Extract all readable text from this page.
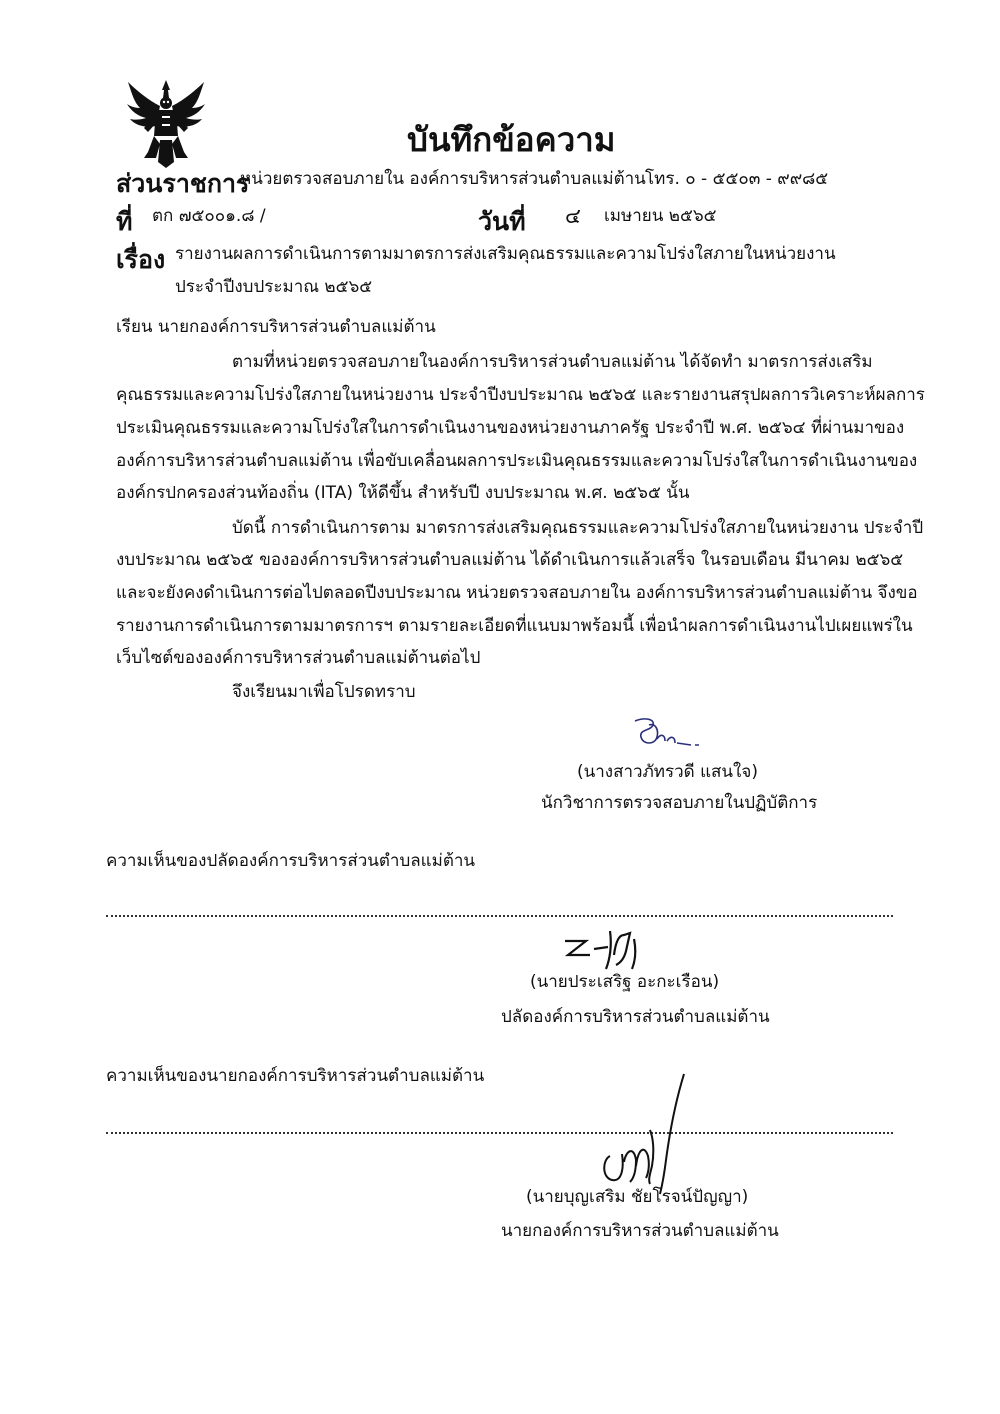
บันทึกข้อความ
ส่วนราชการ
หน่วยตรวจสอบภายใน องค์การบริหารส่วนตำบลแม่ต้าน โทร. ๐ - ๕๕๐๓ - ๙๙๘๕
ที่ ตก ๗๕๐๐๑.๘ /	วันที่ ๔ เมษายน ๒๕๖๕
เรื่อง รายงานผลการดำเนินการตามมาตรการส่งเสริมคุณธรรมและความโปร่งใสภายในหน่วยงาน
ประจำปีงบประมาณ ๒๕๖๕
เรียน นายกองค์การบริหารส่วนตำบลแม่ต้าน
ตามที่หน่วยตรวจสอบภายในองค์การบริหารส่วนตำบลแม่ต้าน ได้จัดทำ มาตรการส่งเสริม
คุณธรรมและความโปร่งใสภายในหน่วยงาน ประจำปีงบประมาณ ๒๕๖๕ และรายงานสรุปผลการวิเคราะห์ผลการ
ประเมินคุณธรรมและความโปร่งใสในการดำเนินงานของหน่วยงานภาครัฐ ประจำปี พ.ศ. ๒๕๖๔ ที่ผ่านมาของ
องค์การบริหารส่วนตำบลแม่ต้าน เพื่อขับเคลื่อนผลการประเมินคุณธรรมและความโปร่งใสในการดำเนินงานของ
องค์กรปกครองส่วนท้องถิ่น (ITA) ให้ดีขึ้น สำหรับปี งบประมาณ พ.ศ. ๒๕๖๕ นั้น
บัดนี้ การดำเนินการตาม มาตรการส่งเสริมคุณธรรมและความโปร่งใสภายในหน่วยงาน ประจำปี
งบประมาณ ๒๕๖๕ ขององค์การบริหารส่วนตำบลแม่ต้าน ได้ดำเนินการแล้วเสร็จ ในรอบเดือน มีนาคม ๒๕๖๕
และจะยังคงดำเนินการต่อไปตลอดปีงบประมาณ หน่วยตรวจสอบภายใน องค์การบริหารส่วนตำบลแม่ต้าน จึงขอ
รายงานการดำเนินการตามมาตรการฯ ตามรายละเอียดที่แนบมาพร้อมนี้ เพื่อนำผลการดำเนินงานไปเผยแพร่ใน
เว็บไซต์ขององค์การบริหารส่วนตำบลแม่ต้านต่อไป
จึงเรียนมาเพื่อโปรดทราบ
(นางสาวภัทรวดี แสนใจ)
นักวิชาการตรวจสอบภายในปฏิบัติการ
ความเห็นของปลัดองค์การบริหารส่วนตำบลแม่ต้าน
(นายประเสริฐ อะกะเรือน)
ปลัดองค์การบริหารส่วนตำบลแม่ต้าน
ความเห็นของนายกองค์การบริหารส่วนตำบลแม่ต้าน
(นายบุญเสริม ชัยโรจน์ปัญญา)
นายกองค์การบริหารส่วนตำบลแม่ต้าน
